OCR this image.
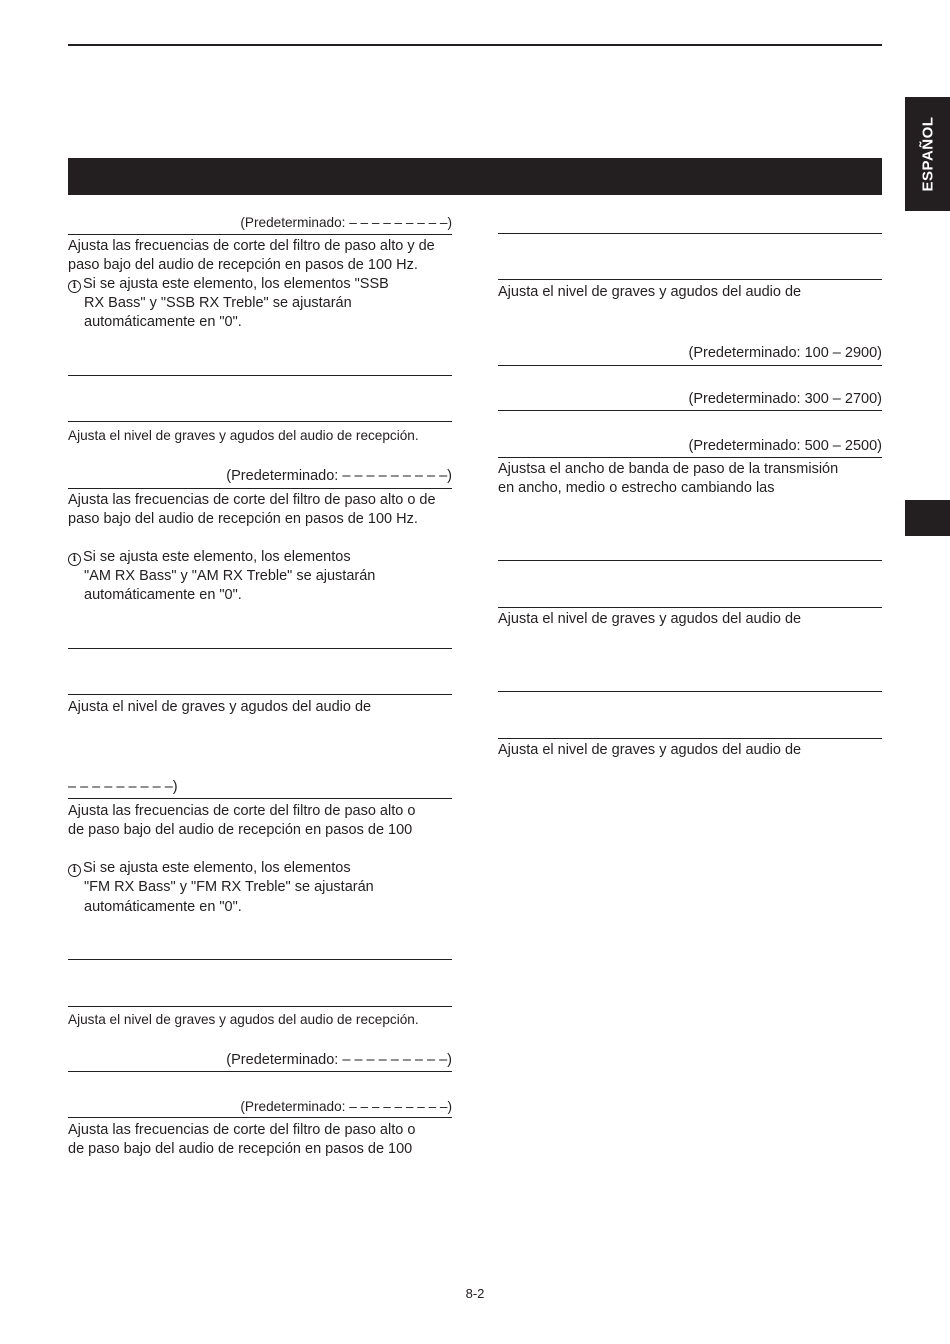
ESPAÑOL
(Predeterminado: – – – – – – – – –)
Ajusta las frecuencias de corte del filtro de paso alto y de
paso bajo del audio de recepción en pasos de 100 Hz.
i Si se ajusta este elemento, los elementos "SSB
RX Bass" y "SSB RX Treble" se ajustarán
automáticamente en "0".
Ajusta el nivel de graves y agudos del audio de recepción.
(Predeterminado: – – – – – – – – –)
Ajusta las frecuencias de corte del filtro de paso alto o de
paso bajo del audio de recepción en pasos de 100 Hz.
i Si se ajusta este elemento, los elementos
"AM RX Bass" y "AM RX Treble" se ajustarán
automáticamente en "0".
Ajusta el nivel de graves y agudos del audio de
– – – – – – – – –)
Ajusta las frecuencias de corte del filtro de paso alto o
de paso bajo del audio de recepción en pasos de 100
i Si se ajusta este elemento, los elementos
"FM RX Bass" y "FM RX Treble" se ajustarán
automáticamente en "0".
Ajusta el nivel de graves y agudos del audio de recepción.
(Predeterminado: – – – – – – – – –)
(Predeterminado: – – – – – – – – –)
Ajusta las frecuencias de corte del filtro de paso alto o
de paso bajo del audio de recepción en pasos de 100
Ajusta el nivel de graves y agudos del audio de
(Predeterminado: 100 – 2900)
(Predeterminado: 300 – 2700)
(Predeterminado: 500 – 2500)
Ajustsa el ancho de banda de paso de la transmisión
en ancho, medio o estrecho cambiando las
Ajusta el nivel de graves y agudos del audio de
Ajusta el nivel de graves y agudos del audio de
8-2
